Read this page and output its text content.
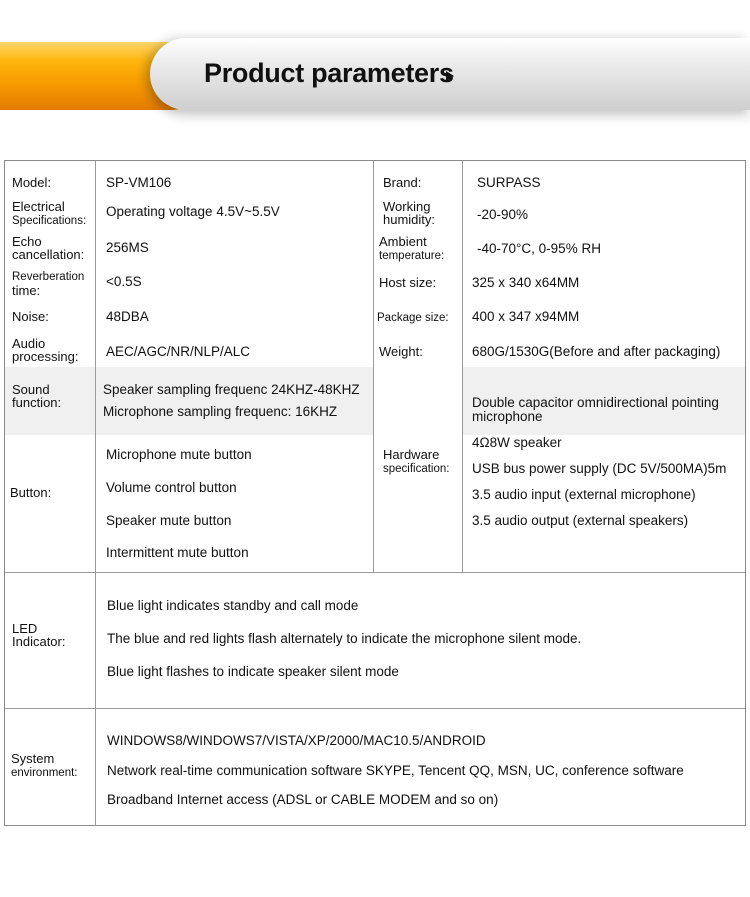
Product parameters
Model:
Electrical
Specifications:
Echo
cancellation:
Reverberation
time:
Noise:
Audio
processing:
Sound
function:
Button:
SP-VM106
Operating voltage 4.5V~5.5V
256MS
<0.5S
48DBA
AEC/AGC/NR/NLP/ALC
Speaker sampling frequenc 24KHZ-48KHZ
Microphone sampling frequenc: 16KHZ
Microphone mute button
Volume control button
Speaker mute button
Intermittent mute button
Brand:
Working
humidity:
Ambient
temperature:
Host size:
Package size:
Weight:
Hardware
specification:
SURPASS
-20-90%
-40-70°C, 0-95% RH
325 x 340 x64MM
400 x 347 x94MM
680G/1530G(Before and after packaging)
Double capacitor omnidirectional pointing microphone
4Ω8W speaker
USB bus power supply (DC 5V/500MA)5m
3.5 audio input (external microphone)
3.5 audio output (external speakers)
LED
Indicator:
Blue light indicates standby and call mode
The blue and red lights flash alternately to indicate the microphone silent mode.
Blue light flashes to indicate speaker silent mode
System
environment:
WINDOWS8/WINDOWS7/VISTA/XP/2000/MAC10.5/ANDROID
Network real-time communication software SKYPE, Tencent QQ, MSN, UC, conference software
Broadband Internet access (ADSL or CABLE MODEM and so on)
